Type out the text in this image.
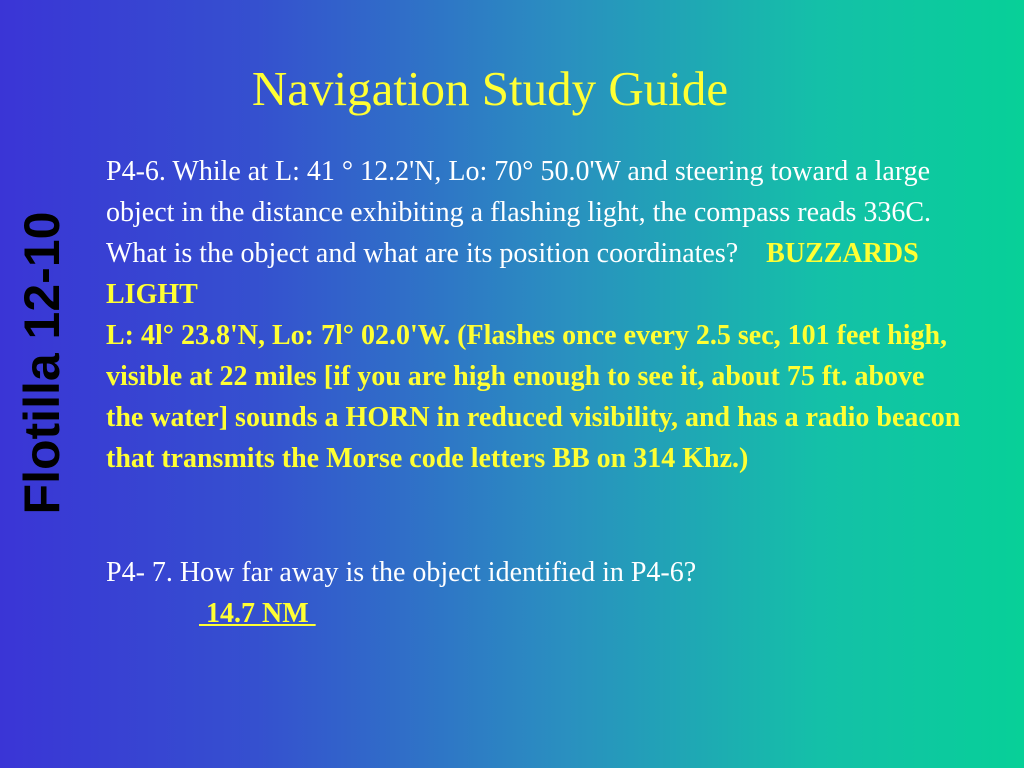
Flotilla 12-10
Navigation Study Guide
P4-6. While at L: 41 ° 12.2'N, Lo: 70° 50.0'W and steering toward a large object in the distance exhibiting a flashing light, the compass reads 336C. What is the object and what are its position coordinates? BUZZARDS LIGHT
L: 4l° 23.8'N, Lo: 7l° 02.0'W. (Flashes once every 2.5 sec, 101 feet high, visible at 22 miles [if you are high enough to see it, about 75 ft. above the water] sounds a HORN in reduced visibility, and has a radio beacon that transmits the Morse code letters BB on 314 Khz.)
P4- 7. How far away is the object identified in P4-6?
14.7 NM
